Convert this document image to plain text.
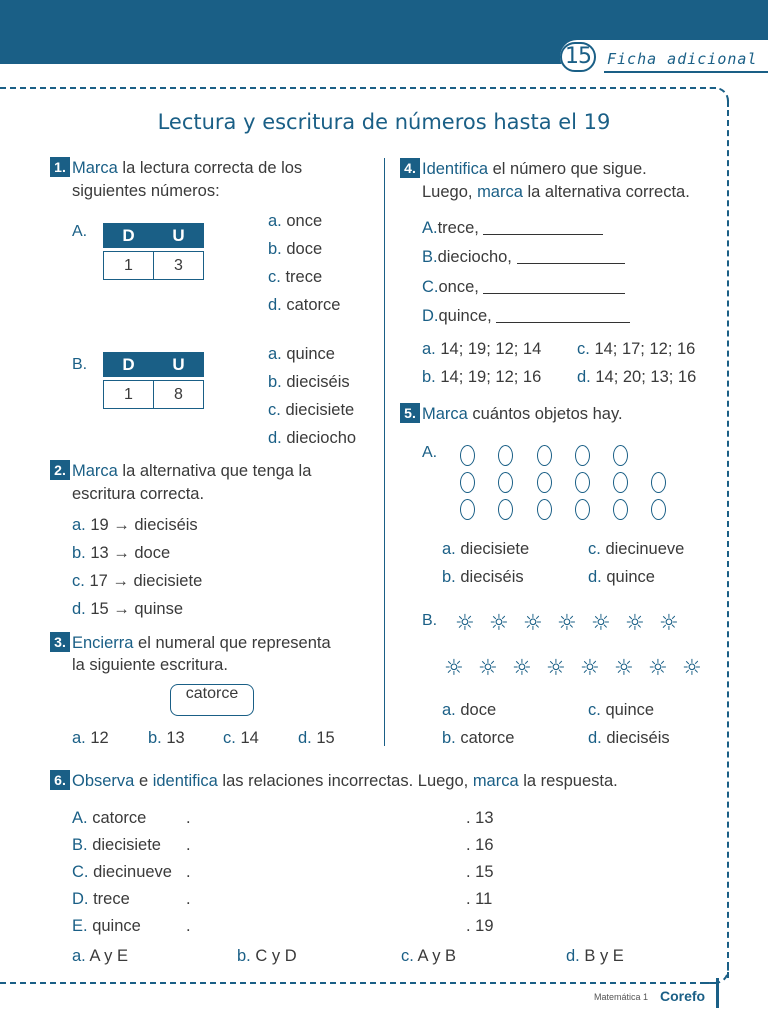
15	Ficha adicional
Lectura y escritura de números hasta el 19
1. Marca la lectura correcta de los
siguientes números:
A. D	U

1	3
a. once
b. doce
c. trece
d. catorce
B. D	U

1	8
a. quince
b. dieciséis
c. diecisiete
d. dieciocho
2. Marca la alternativa que tenga la
escritura correcta.
a. 19 → dieciséis
b. 13 → doce
c. 17 → diecisiete
d. 15 → quinse
3. Encierra el numeral que representa
la siguiente escritura.
catorce
a. 12 b. 13 c. 14 d. 15
4. Identifica el número que sigue.
Luego, marca la alternativa correcta.
A.trece,
B.dieciocho,
C.once,
D.quince,
a. 14; 19; 12; 14 c. 14; 17; 12; 16
b. 14; 19; 12; 16 d. 14; 20; 13; 16
5. Marca cuántos objetos hay.
A.
a. diecisiete	c. diecinueve
b. dieciséis	d. quince
B. ☼ ☼ ☼ ☼ ☼ ☼ ☼
☼ ☼ ☼ ☼ ☼ ☼ ☼ ☼
a. doce	c. quince
b. catorce	d. dieciséis
6. Observa e identifica las relaciones incorrectas. Luego, marca la respuesta.
A. catorce .	. 13
B. diecisiete .	. 16
C. diecinueve .	. 15
D. trece	.	. 11
E. quince	.	. 19
a. A y E	b. C y D	c. A y B	d. B y E
Matemática 1 Corefo
